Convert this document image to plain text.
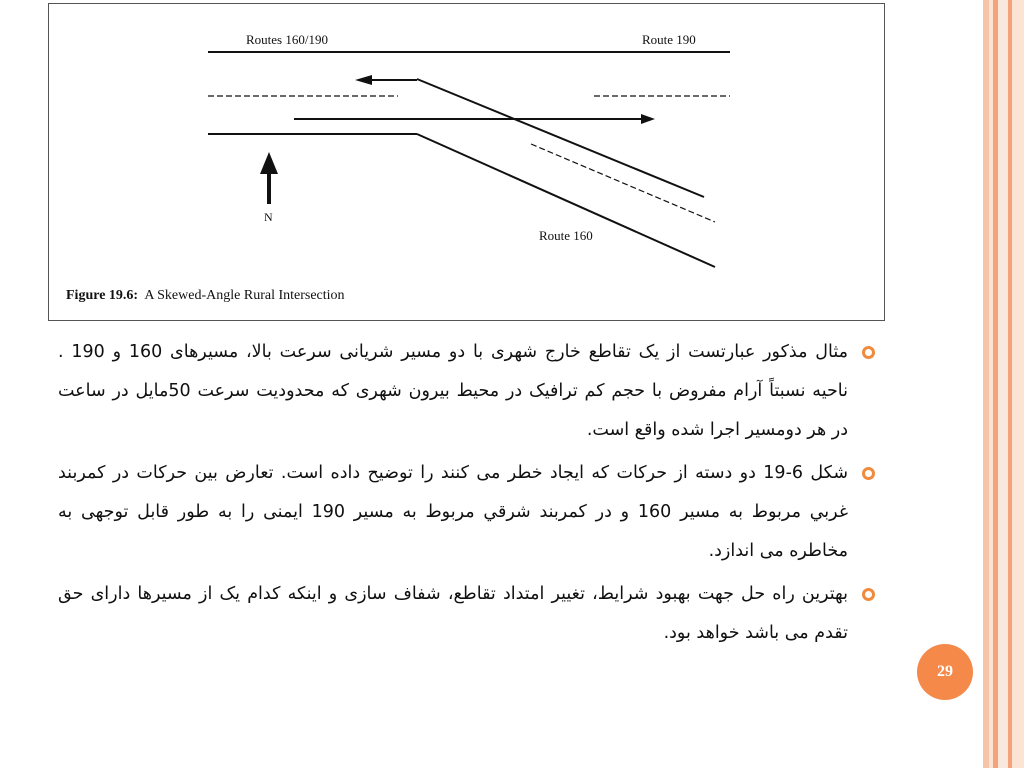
Routes 160/190	Route 190
N
Route 160
Figure 19.6: A Skewed-Angle Rural Intersection
مثال مذکور عبارتست از یک تقاطع خارج شهری با دو مسیر شریانی سرعت بالا، مسیرهای 160 و 190 . ناحیه نسبتاً آرام مفروض با حجم کم ترافیک در محیط بیرون شهری که محدودیت سرعت 50مایل در ساعت در هر دومسیر اجرا شده واقع است.
شکل 6-19 دو دسته از حرکات که ایجاد خطر می کنند را توضیح داده است. تعارض بین حرکات در کمربند غربي مربوط به مسیر 160 و در کمربند شرقي مربوط به مسیر 190 ایمنی را به طور قابل توجهی به مخاطره می اندازد.
بهترین راه حل جهت بهبود شرایط، تغییر امتداد تقاطع، شفاف سازی و اینکه کدام یک از مسیرها دارای حق تقدم می باشد خواهد بود.
29
